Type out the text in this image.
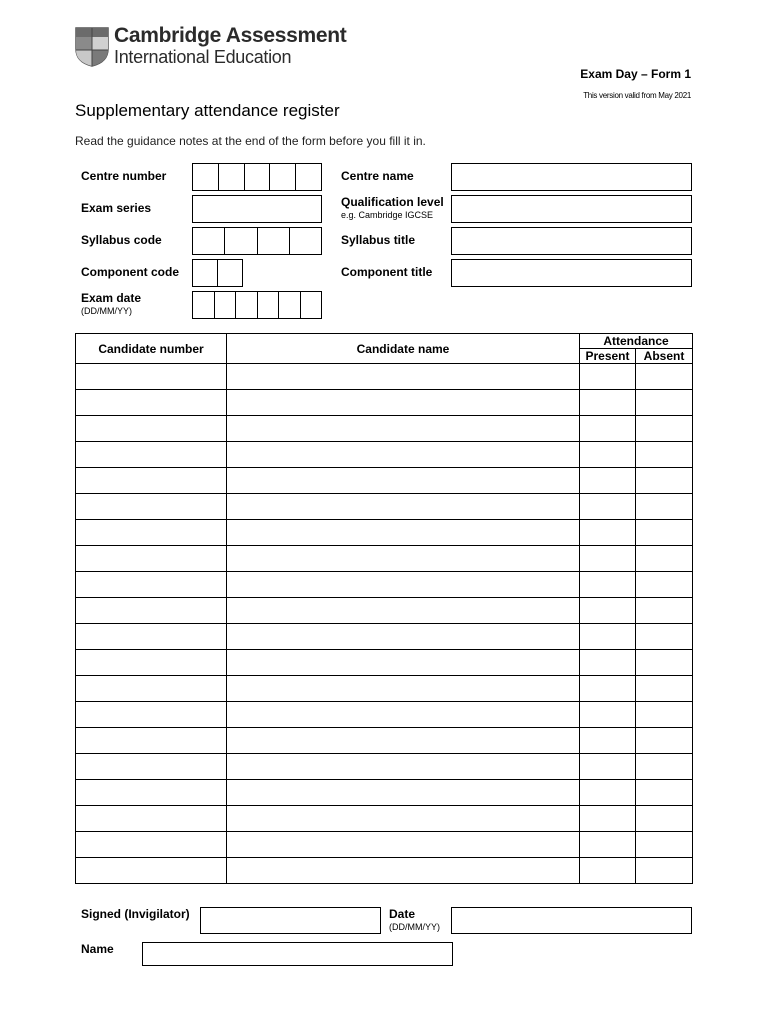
Cambridge Assessment
International Education
Exam Day – Form 1
This version valid from May 2021
Supplementary attendance register
Read the guidance notes at the end of the form before you fill it in.
Centre number
Exam series
Syllabus code
Component code
Exam date
(DD/MM/YY)
Centre name
Qualification level
e.g. Cambridge IGCSE
Syllabus title
Component title
Candidate number	Candidate name	Attendance	
		Present	Absent

Signed (Invigilator)	Date
(DD/MM/YY)
Name
